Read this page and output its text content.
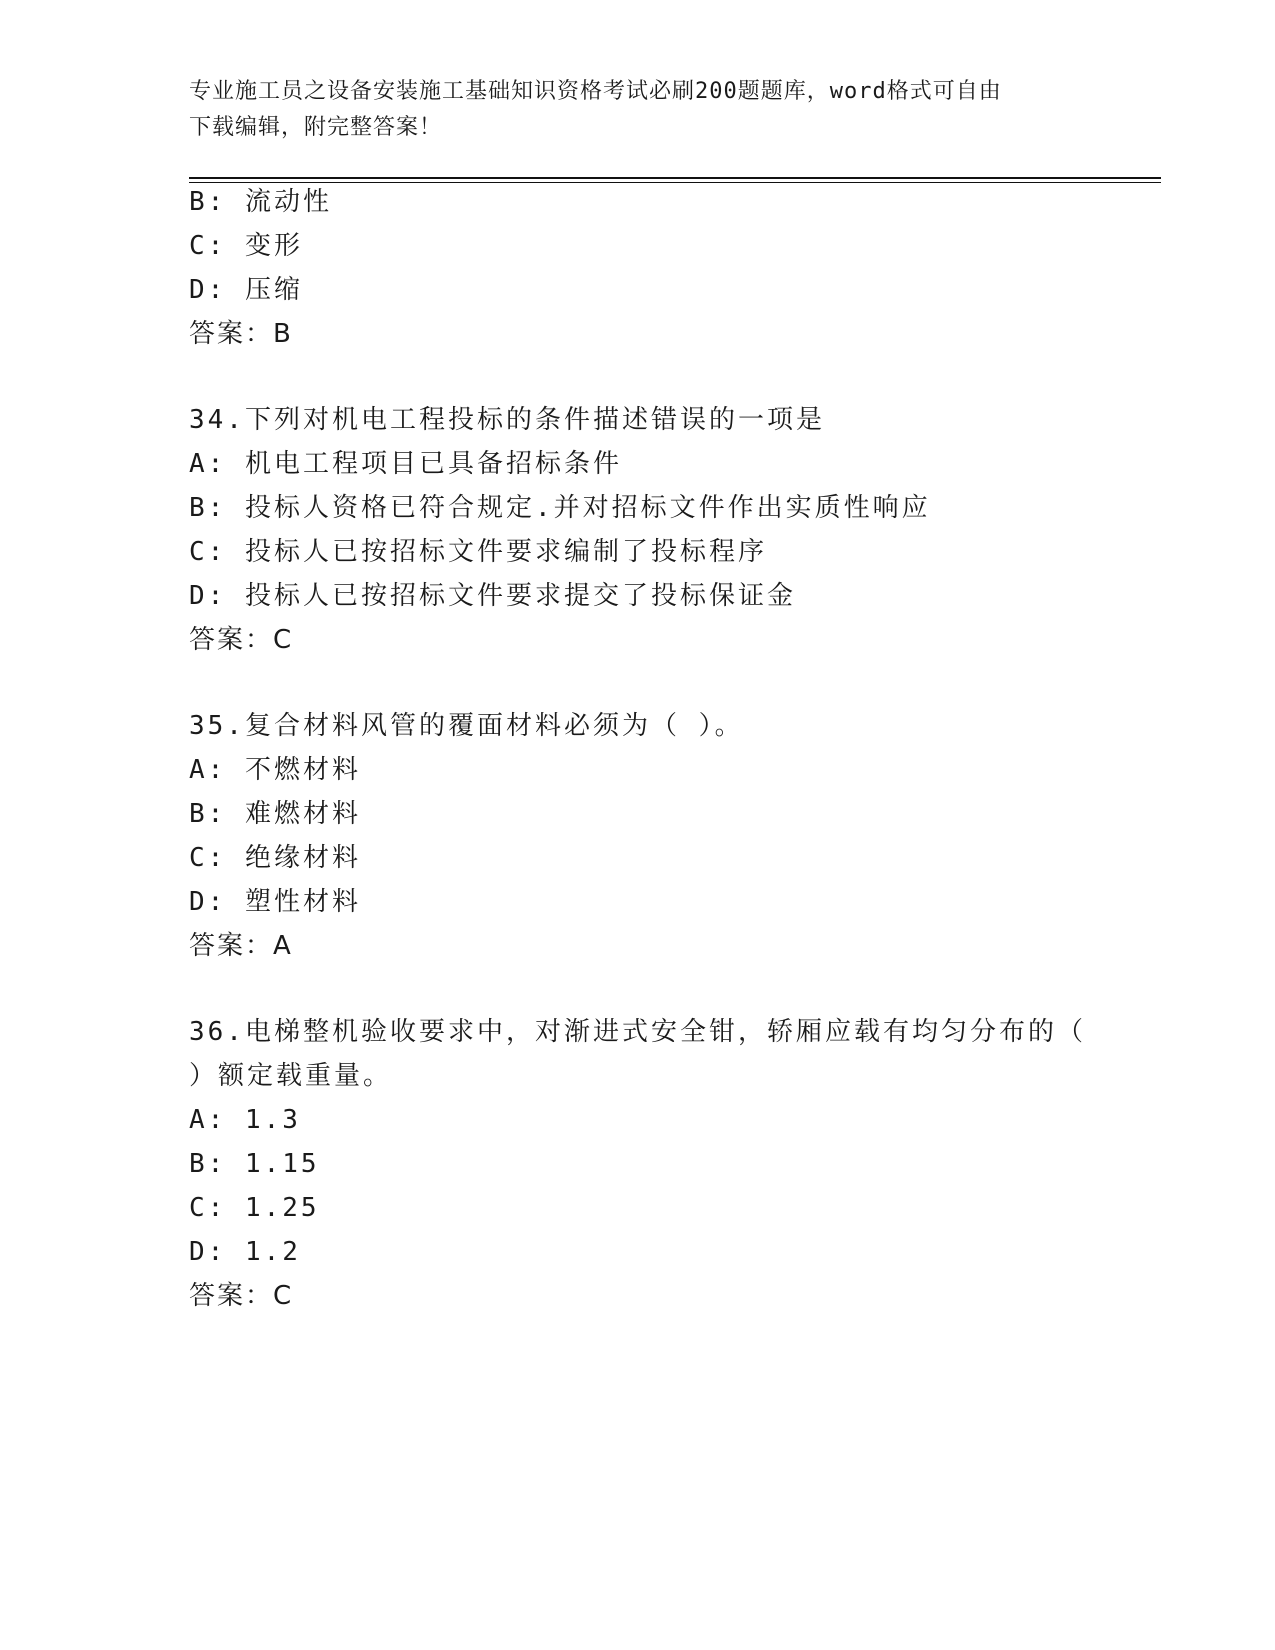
专业施工员之设备安装施工基础知识资格考试必刷200题题库，word格式可自由
下载编辑，附完整答案！
B: 流动性
C: 变形
D: 压缩
答案：B
34.下列对机电工程投标的条件描述错误的一项是
A: 机电工程项目已具备招标条件
B: 投标人资格已符合规定.并对招标文件作出实质性响应
C: 投标人已按招标文件要求编制了投标程序
D: 投标人已按招标文件要求提交了投标保证金
答案：C
35.复合材料风管的覆面材料必须为（ ）。
A: 不燃材料
B: 难燃材料
C: 绝缘材料
D: 塑性材料
答案：A
36.电梯整机验收要求中，对渐进式安全钳，轿厢应载有均匀分布的（
）额定载重量。
A: 1.3
B: 1.15
C: 1.25
D: 1.2
答案：C
